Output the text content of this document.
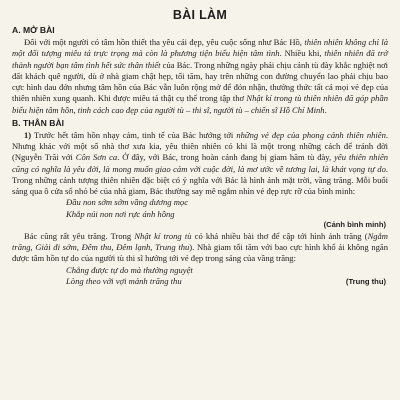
BÀI LÀM
A. MỞ BÀI

Đối với một người có tâm hồn thiết tha yêu cái đẹp, yêu cuộc sống như Bác Hồ, thiên nhiên không chỉ là một đối tượng miêu tả trực trọng mà còn là phương tiện biểu hiện tâm tình. Nhiều khi, thiên nhiên đã trở thành người bạn tâm tình hết sức thân thiết của Bác. Trong những ngày phải chịu cảnh tù đày khắc nghiệt nơi đất khách quê người, dù ở nhà giam chật hẹp, tối tăm, hay trên những con đường chuyển lao phải chịu bao cực hình dau đớn nhưng tâm hồn của Bác vẫn luôn rộng mở để đón nhận, thưởng thức tất cả mọi vẻ đẹp của thiên nhiên xung quanh. Khi được miêu tả thật cụ thể trong tập thơ Nhật kí trong tù thiên nhiên đã góp phần biểu hiện tâm hồn, tinh cách cao đẹp của người tù – thi sĩ, người tù – chiến sĩ Hồ Chí Minh.

B. THÂN BÀI

1) Trước hết tâm hồn nhạy cảm, tinh tế của Bác hướng tới những vẻ đẹp của phong cảnh thiên nhiên. Nhưng khác với một số nhà thơ xưa kia, yêu thiên nhiên có khi là một trong những cách để tránh đời (Nguyễn Trãi với Côn Sơn ca. Ở đây, với Bác, trong hoàn cảnh đang bị giam hãm tù đày, yêu thiên nhiên cũng có nghĩa là yêu đời, là mong muốn giao cảm với cuộc đời, là mơ ước về tương lai, là khát vọng tự do. Trong những cảnh tượng thiên nhiên đặc biệt có ý nghĩa với Bác là hình ảnh mặt trời, vầng trăng. Mỗi buổi sáng qua ô cửa sổ nhỏ bé của nhà giam, Bác thường say mê ngắm nhìn vẻ đẹp rực rỡ của bình minh:

Đầu non sớm sớm vầng dương mọc
Khắp núi non nơi rực ánh hồng
(Cảnh bình minh)

Bác cũng rất yêu trăng. Trong Nhật kí trong tù có khá nhiều bài thơ để cập tới hình ảnh trăng (Ngắm trăng, Giải đi sớm, Đêm thu, Đêm lạnh, Trung thu). Nhà giam tối tăm với bao cực hình khổ ải không ngăn được tâm hồn tự do của người tù thi sĩ hướng tới vẻ đẹp trong sáng của vầng trăng:

Chẳng được tự do mà thưởng nguyệt
Lòng theo với vợi mảnh trăng thu	(Trung thu)
